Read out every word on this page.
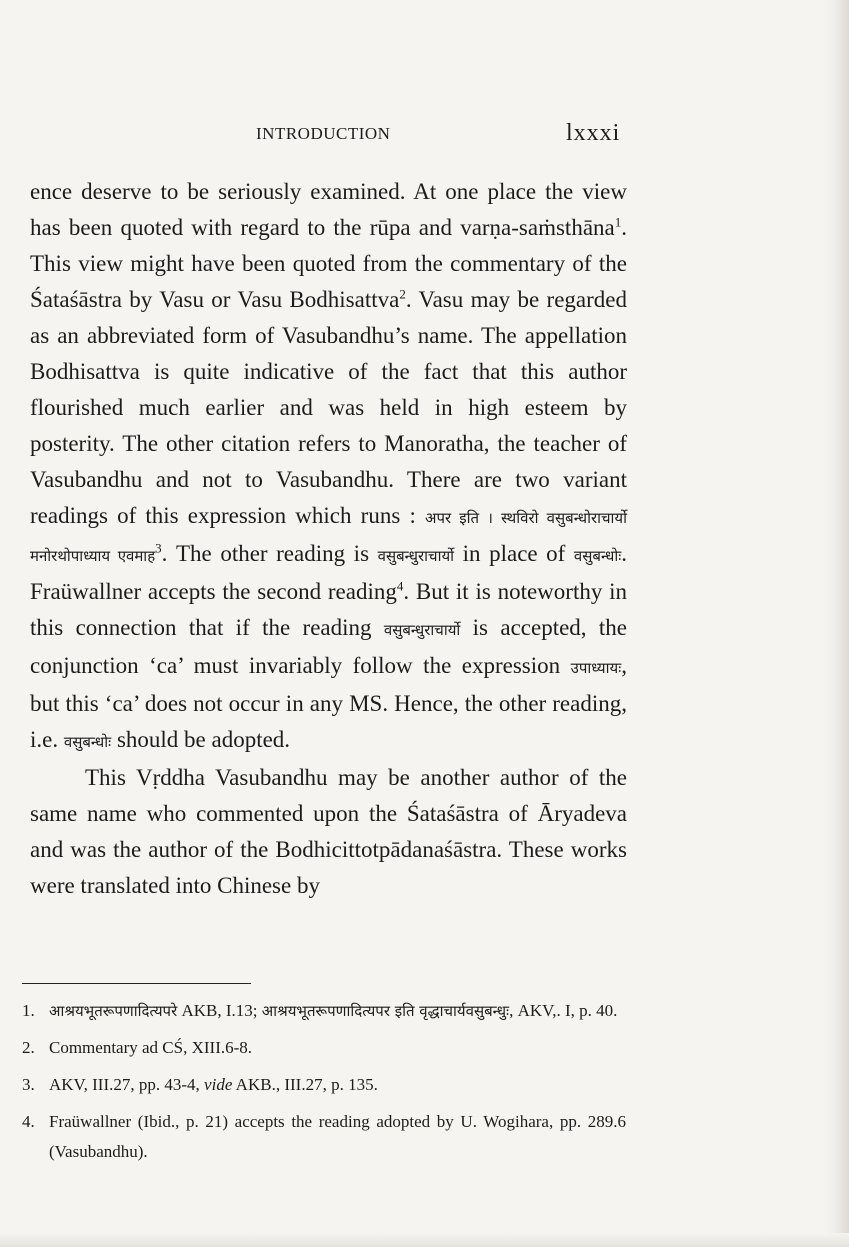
INTRODUCTION	lxxxi

ence deserve to be seriously examined. At one place the view has been quoted with regard to the rūpa and varṇa-saṁsthāna$^1$. This view might have been quoted from the commentary of the Śataśāstra by Vasu or Vasu Bodhisattva$^2$. Vasu may be regarded as an abbreviated form of Vasubandhu’s name. The appellation Bodhisattva is quite indicative of the fact that this author flourished much earlier and was held in high esteem by posterity. The other citation refers to Manoratha, the teacher of Vasubandhu and not to Vasubandhu. There are two variant readings of this expression which runs : अपर इति । स्थविरो वसुबन्धोराचार्यो मनोरथोपाध्याय एवमाह$^3$. The other reading is वसुबन्धुराचार्यो in place of वसुबन्धोः. Fraüwallner accepts the second reading$^4$. But it is noteworthy in this connection that if the reading वसुबन्धुराचार्यो is accepted, the conjunction ‘ca’ must invariably follow the expression उपाध्यायः, but this ‘ca’ does not occur in any MS. Hence, the other reading, i.e. वसुबन्धोः should be adopted.

This Vṛddha Vasubandhu may be another author of the same name who commented upon the Śataśāstra of Āryadeva and was the author of the Bodhicittotpādanaśāstra. These works were translated into Chinese by

1. आश्रयभूतरूपणादित्यपरे AKB, I.13; आश्रयभूतरूपणादित्यपर इति वृद्धाचार्यवसुबन्धुः, AKV,. I, p. 40.
2. Commentary ad CŚ, XIII.6-8.
3. AKV, III.27, pp. 43-4, vide AKB., III.27, p. 135.
4. Fraüwallner (Ibid., p. 21) accepts the reading adopted by U. Wogihara, pp. 289.6 (Vasubandhu).
